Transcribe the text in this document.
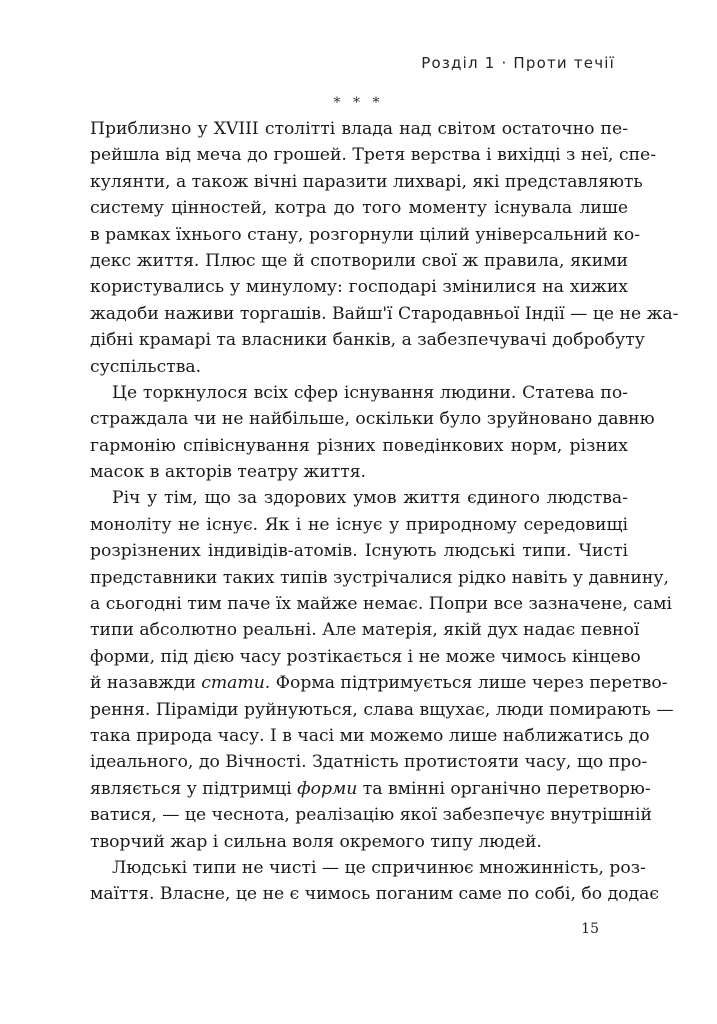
Розділ 1 · Проти течії
* * *
Приблизно у XVIII столітті влада над світом остаточно пе-
рейшла від меча до грошей. Третя верства і вихідці з неї, спе-
кулянти, а також вічні паразити лихварі, які представляють
систему цінностей, котра до того моменту існувала лише
в рамках їхнього стану, розгорнули цілий універсальний ко-
декс життя. Плюс ще й спотворили свої ж правила, якими
користувались у минулому: господарі змінилися на хижих
жадоби наживи торгашів. Вайш'ї Стародавньої Індії — це не жа-
дібні крамарі та власники банків, а забезпечувачі добробуту
суспільства.
Це торкнулося всіх сфер існування людини. Статева по-
страждала чи не найбільше, оскільки було зруйновано давню
гармонію співіснування різних поведінкових норм, різних
масок в акторів театру життя.
Річ у тім, що за здорових умов життя єдиного людства-
моноліту не існує. Як і не існує у природному середовищі
розрізнених індивідів-атомів. Існують людські типи. Чисті
представники таких типів зустрічалися рідко навіть у давнину,
а сьогодні тим паче їх майже немає. Попри все зазначене, самі
типи абсолютно реальні. Але матерія, якій дух надає певної
форми, під дією часу розтікається і не може чимось кінцево
й назавжди стати. Форма підтримується лише через перетво-
рення. Піраміди руйнуються, слава вщухає, люди помирають —
така природа часу. І в часі ми можемо лише наближатись до
ідеального, до Вічності. Здатність протистояти часу, що про-
являється у підтримці форми та вмінні органічно перетворю-
ватися, — це чеснота, реалізацію якої забезпечує внутрішній
творчий жар і сильна воля окремого типу людей.
Людські типи не чисті — це спричинює множинність, роз-
маїття. Власне, це не є чимось поганим саме по собі, бо додає
15
